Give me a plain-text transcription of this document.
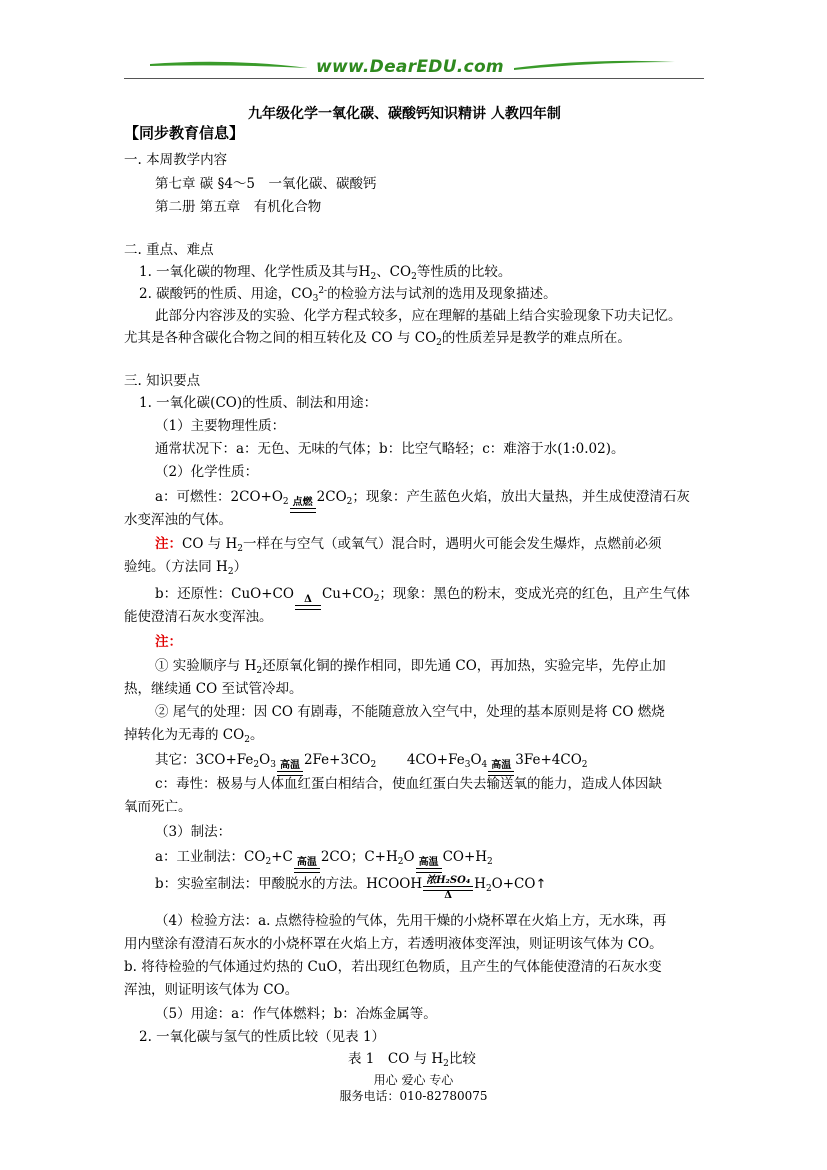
www.DearEDU.com
九年级化学一氧化碳、碳酸钙知识精讲 人教四年制
【同步教育信息】
一. 本周教学内容
第七章 碳 §4～5　一氧化碳、碳酸钙
第二册 第五章　有机化合物
二. 重点、难点
1. 一氧化碳的物理、化学性质及其与$H_2$、$CO_2$等性质的比较。
2. 碳酸钙的性质、用途，$CO_3^{2-}$的检验方法与试剂的选用及现象描述。
此部分内容涉及的实验、化学方程式较多，应在理解的基础上结合实验现象下功夫记忆。
尤其是各种含碳化合物之间的相互转化及 CO 与 $CO_2$的性质差异是教学的难点所在。
三. 知识要点
1. 一氧化碳(CO)的性质、制法和用途：
（1）主要物理性质：
通常状况下：a：无色、无味的气体；b：比空气略轻；c：难溶于水(1:0.02)。
（2）化学性质：
a：可燃性：$2CO+O_2$ 点燃 $2CO_2$；现象：产生蓝色火焰，放出大量热，并生成使澄清石灰
水变浑浊的气体。
注：CO 与 $H_2$一样在与空气（或氧气）混合时，遇明火可能会发生爆炸，点燃前必须
验纯。（方法同 $H_2$）
b：还原性：CuO+CO	Δ $Cu+CO_2$；现象：黑色的粉末，变成光亮的红色，且产生气体
能使澄清石灰水变浑浊。
注：
① 实验顺序与 $H_2$还原氧化铜的操作相同，即先通 CO，再加热，实验完毕，先停止加
热，继续通 CO 至试管冷却。
② 尾气的处理：因 CO 有剧毒，不能随意放入空气中，处理的基本原则是将 CO 燃烧
掉转化为无毒的 $CO_2$。
其它：$3CO+Fe_2O_3$ 高温 $2Fe+3CO_2$ $4CO+Fe_3O_4$ 高温 $3Fe+4CO_2$
c：毒性：极易与人体血红蛋白相结合，使血红蛋白失去输送氧的能力，造成人体因缺
氧而死亡。
（3）制法：
a：工业制法：$CO_2+C$ 高温 2CO；$C+H_2O$ 高温 $CO+H_2$
b：实验室制法：甲酸脱水的方法。HCOOH 浓H₂SO₄
Δ
$H_2O+CO↑$
（4）检验方法：a. 点燃待检验的气体，先用干燥的小烧杯罩在火焰上方，无水珠，再
用内壁涂有澄清石灰水的小烧杯罩在火焰上方，若透明液体变浑浊，则证明该气体为 CO。
b. 将待检验的气体通过灼热的 CuO，若出现红色物质，且产生的气体能使澄清的石灰水变
浑浊，则证明该气体为 CO。
（5）用途：a：作气体燃料；b：冶炼金属等。
2. 一氧化碳与氢气的性质比较（见表 1）
表 1　CO 与 $H_2$比较
用心 爱心 专心
服务电话：010-82780075
